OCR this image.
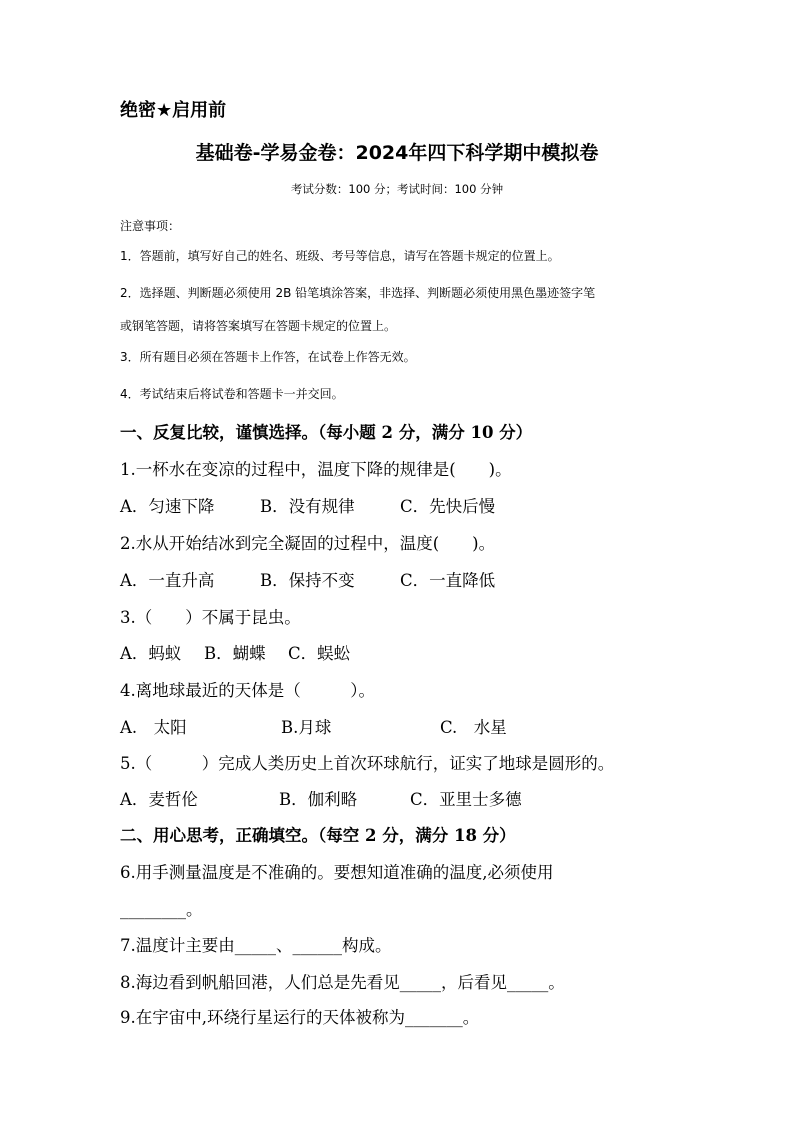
绝密★启用前
基础卷-学易金卷：2024年四下科学期中模拟卷
考试分数：100 分；考试时间：100 分钟
注意事项：
1．答题前，填写好自己的姓名、班级、考号等信息，请写在答题卡规定的位置上。
2．选择题、判断题必须使用 2B 铅笔填涂答案，非选择、判断题必须使用黑色墨迹签字笔
或钢笔答题，请将答案填写在答题卡规定的位置上。
3．所有题目必须在答题卡上作答，在试卷上作答无效。
4．考试结束后将试卷和答题卡一并交回。
一、反复比较，谨慎选择。（每小题 2 分，满分 10 分）
1.一杯水在变凉的过程中，温度下降的规律是(　　)。
A．匀速下降	B．没有规律	C．先快后慢
2.水从开始结冰到完全凝固的过程中，温度(　　)。
A．一直升高	B．保持不变	C．一直降低
3.（　　）不属于昆虫。
A．蚂蚁 B．蝴蝶 C．蜈蚣
4.离地球最近的天体是（　　　）。
A.　太阳	B.月球	C.　水星
5.（　　　）完成人类历史上首次环球航行，证实了地球是圆形的。
A．麦哲伦	B．伽利略	C．亚里士多德
二、用心思考，正确填空。（每空 2 分，满分 18 分）
6.用手测量温度是不准确的。要想知道准确的温度,必须使用
________。
7.温度计主要由_____、______构成。
8.海边看到帆船回港，人们总是先看见_____，后看见_____。
9.在宇宙中,环绕行星运行的天体被称为_______。
